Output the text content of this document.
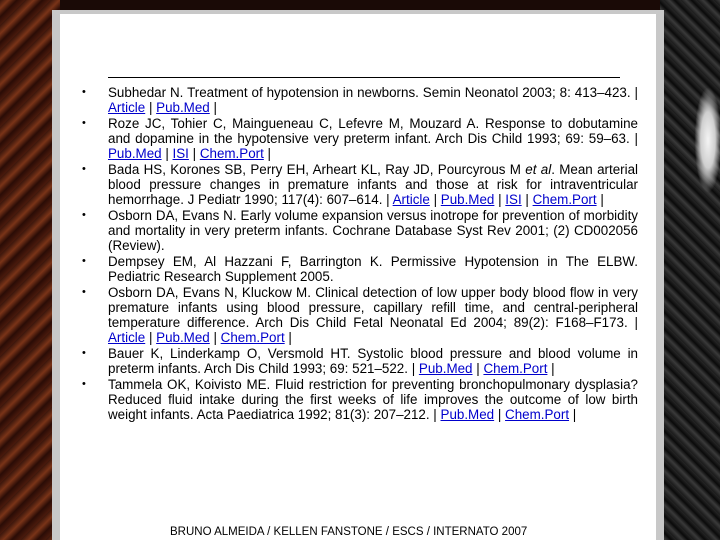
• Subhedar N. Treatment of hypotension in newborns. Semin Neonatol 2003; 8: 413–423. | Article | Pub.Med |
• Roze JC, Tohier C, Maingueneau C, Lefevre M, Mouzard A. Response to dobutamine and dopamine in the hypotensive very preterm infant. Arch Dis Child 1993; 69: 59–63. | Pub.Med | ISI | Chem.Port |
• Bada HS, Korones SB, Perry EH, Arheart KL, Ray JD, Pourcyrous M et al. Mean arterial blood pressure changes in premature infants and those at risk for intraventricular hemorrhage. J Pediatr 1990; 117(4): 607–614. | Article | Pub.Med | ISI | Chem.Port |
• Osborn DA, Evans N. Early volume expansion versus inotrope for prevention of morbidity and mortality in very preterm infants. Cochrane Database Syst Rev 2001; (2) CD002056 (Review).
• Dempsey EM, Al Hazzani F, Barrington K. Permissive Hypotension in The ELBW. Pediatric Research Supplement 2005.
• Osborn DA, Evans N, Kluckow M. Clinical detection of low upper body blood flow in very premature infants using blood pressure, capillary refill time, and central-peripheral temperature difference. Arch Dis Child Fetal Neonatal Ed 2004; 89(2): F168–F173. | Article | Pub.Med | Chem.Port |
• Bauer K, Linderkamp O, Versmold HT. Systolic blood pressure and blood volume in preterm infants. Arch Dis Child 1993; 69: 521–522. | Pub.Med | Chem.Port |
• Tammela OK, Koivisto ME. Fluid restriction for preventing bronchopulmonary dysplasia? Reduced fluid intake during the first weeks of life improves the outcome of low birth weight infants. Acta Paediatrica 1992; 81(3): 207–212. | Pub.Med | Chem.Port |
BRUNO ALMEIDA / KELLEN FANSTONE / ESCS / INTERNATO 2007
